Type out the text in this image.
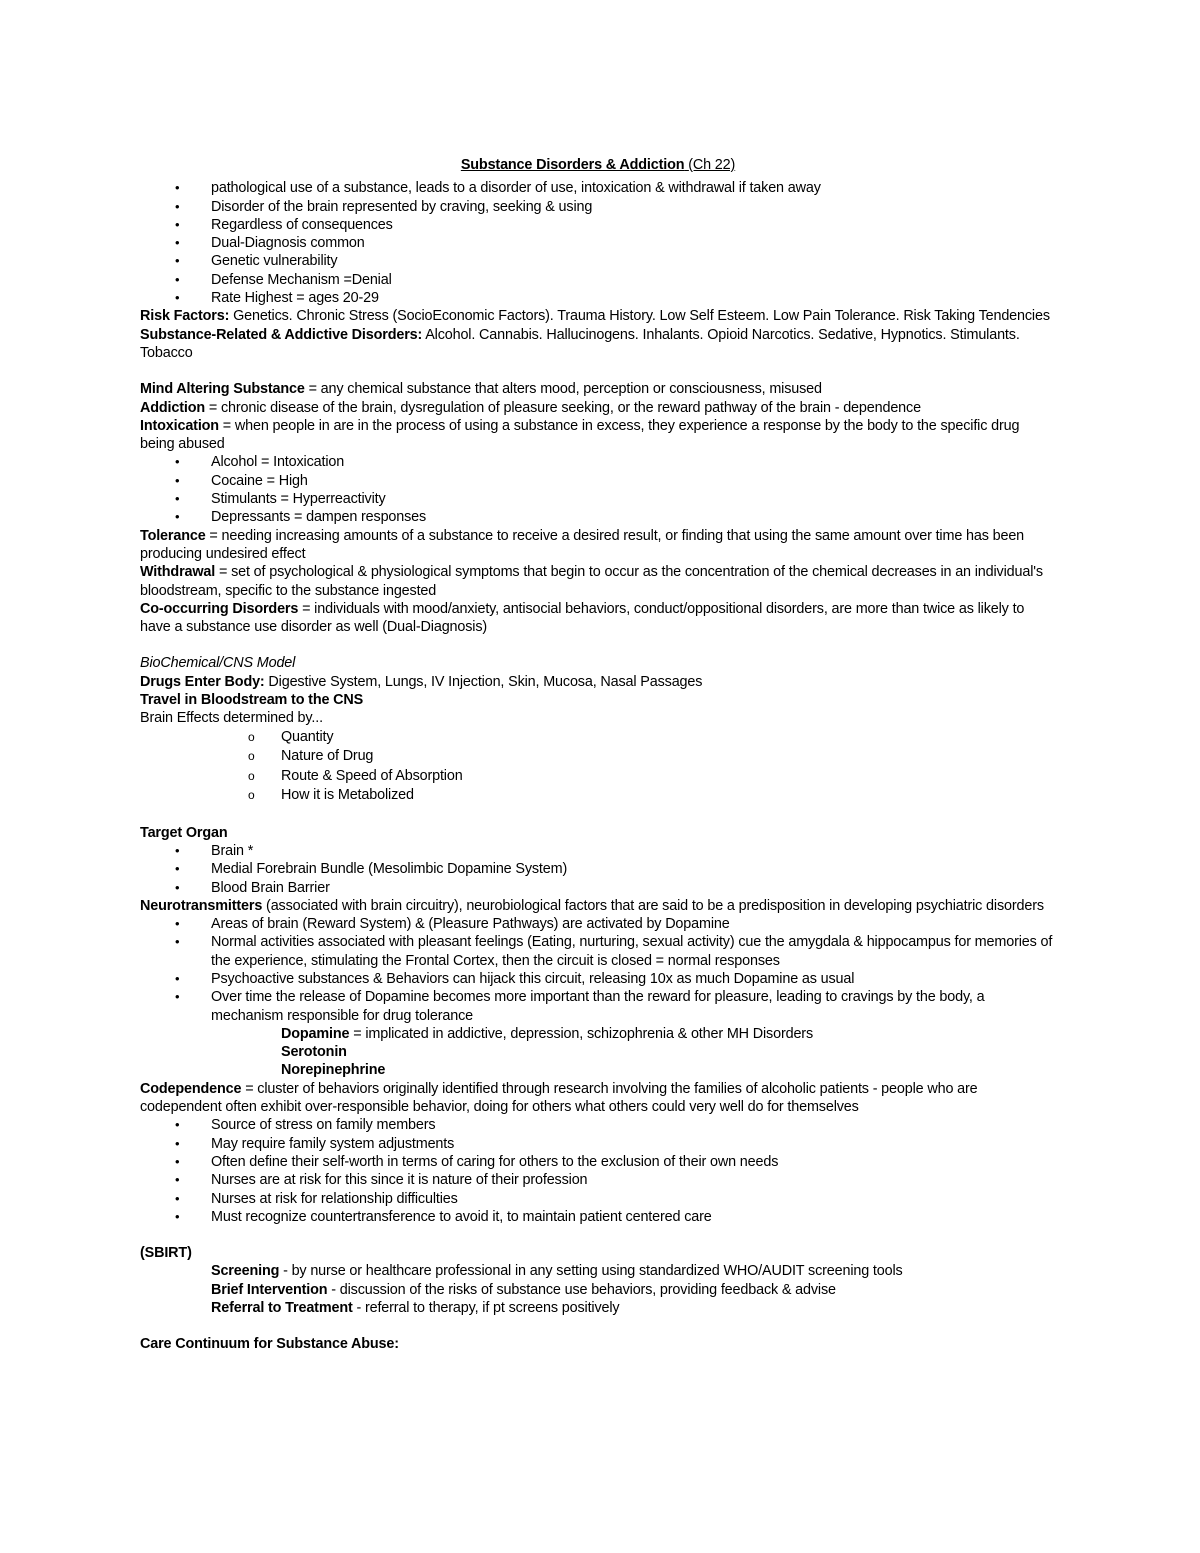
Substance Disorders & Addiction (Ch 22)
• pathological use of a substance, leads to a disorder of use, intoxication & withdrawal if taken away
• Disorder of the brain represented by craving, seeking & using
• Regardless of consequences
• Dual-Diagnosis common
• Genetic vulnerability
• Defense Mechanism =Denial
• Rate Highest = ages 20-29

Risk Factors: Genetics. Chronic Stress (SocioEconomic Factors). Trauma History. Low Self Esteem. Low Pain Tolerance. Risk Taking Tendencies

Substance-Related & Addictive Disorders: Alcohol. Cannabis. Hallucinogens. Inhalants. Opioid Narcotics. Sedative, Hypnotics. Stimulants. Tobacco

Mind Altering Substance = any chemical substance that alters mood, perception or consciousness, misused

Addiction = chronic disease of the brain, dysregulation of pleasure seeking, or the reward pathway of the brain - dependence

Intoxication = when people in are in the process of using a substance in excess, they experience a response by the body to the specific drug being abused

• Alcohol = Intoxication
• Cocaine = High
• Stimulants = Hyperreactivity
• Depressants = dampen responses

Tolerance = needing increasing amounts of a substance to receive a desired result, or finding that using the same amount over time has been producing undesired effect

Withdrawal = set of psychological & physiological symptoms that begin to occur as the concentration of the chemical decreases in an individual's bloodstream, specific to the substance ingested

Co-occurring Disorders = individuals with mood/anxiety, antisocial behaviors, conduct/oppositional disorders, are more than twice as likely to have a substance use disorder as well (Dual-Diagnosis)

BioChemical/CNS Model

Drugs Enter Body: Digestive System, Lungs, IV Injection, Skin, Mucosa, Nasal Passages

Travel in Bloodstream to the CNS

Brain Effects determined by...

o Quantity
o Nature of Drug
o Route & Speed of Absorption
o How it is Metabolized

Target Organ

• Brain *
• Medial Forebrain Bundle (Mesolimbic Dopamine System)
• Blood Brain Barrier

Neurotransmitters (associated with brain circuitry), neurobiological factors that are said to be a predisposition in developing psychiatric disorders

• Areas of brain (Reward System) & (Pleasure Pathways) are activated by Dopamine
• Normal activities associated with pleasant feelings (Eating, nurturing, sexual activity) cue the amygdala & hippocampus for memories of the experience, stimulating the Frontal Cortex, then the circuit is closed = normal responses
• Psychoactive substances & Behaviors can hijack this circuit, releasing 10x as much Dopamine as usual
• Over time the release of Dopamine becomes more important than the reward for pleasure, leading to cravings by the body, a mechanism responsible for drug tolerance

Dopamine = implicated in addictive, depression, schizophrenia & other MH Disorders

Serotonin

Norepinephrine

Codependence = cluster of behaviors originally identified through research involving the families of alcoholic patients - people who are codependent often exhibit over-responsible behavior, doing for others what others could very well do for themselves

• Source of stress on family members
• May require family system adjustments
• Often define their self-worth in terms of caring for others to the exclusion of their own needs
• Nurses are at risk for this since it is nature of their profession
• Nurses at risk for relationship difficulties
• Must recognize countertransference to avoid it, to maintain patient centered care

(SBIRT)

Screening - by nurse or healthcare professional in any setting using standardized WHO/AUDIT screening tools

Brief Intervention - discussion of the risks of substance use behaviors, providing feedback & advise

Referral to Treatment - referral to therapy, if pt screens positively

Care Continuum for Substance Abuse:
